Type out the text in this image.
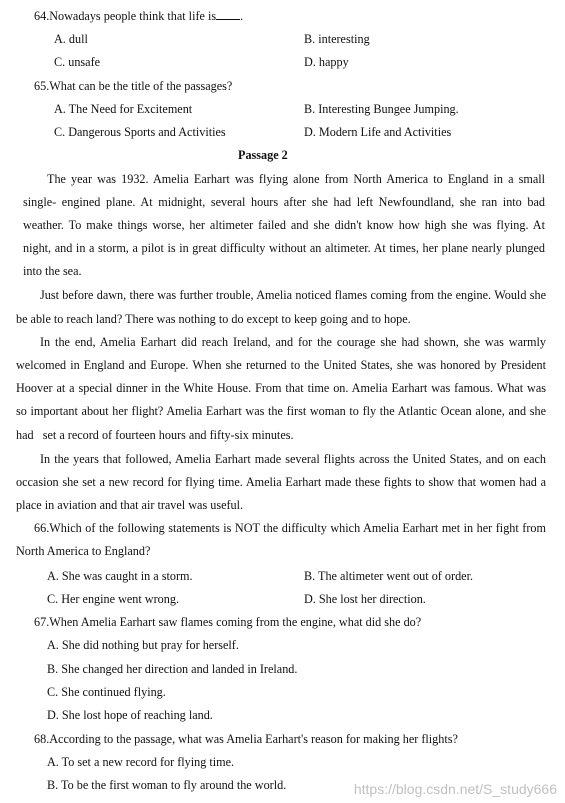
64.Nowadays people think that life is .
A. dull	B. interesting
C. unsafe	D. happy
65.What can be the title of the passages?
A. The Need for Excitement	B. Interesting Bungee Jumping.
C. Dangerous Sports and Activities	D. Modern Life and Activities
Passage 2
The year was 1932. Amelia Earhart was flying alone from North America to England in a small
single- engined plane. At midnight, several hours after she had left Newfoundland, she ran into bad
weather. To make things worse, her altimeter failed and she didn't know how high she was flying. At
night, and in a storm, a pilot is in great difficulty without an altimeter. At times, her plane nearly plunged
into the sea.
Just before dawn, there was further trouble, Amelia noticed flames coming from the engine. Would she
be able to reach land? There was nothing to do except to keep going and to hope.
In the end, Amelia Earhart did reach Ireland, and for the courage she had shown, she was warmly
welcomed in England and Europe. When she returned to the United States, she was honored by President
Hoover at a special dinner in the White House. From that time on. Amelia Earhart was famous. What was
so important about her flight? Amelia Earhart was the first woman to fly the Atlantic Ocean alone, and she
had   set a record of fourteen hours and fifty-six minutes.
In the years that followed, Amelia Earhart made several flights across the United States, and on each
occasion she set a new record for flying time. Amelia Earhart made these fights to show that women had a
place in aviation and that air travel was useful.
66.Which of the following statements is NOT the difficulty which Amelia Earhart met in her fight from
North America to England?
A. She was caught in a storm.	B. The altimeter went out of order.
C. Her engine went wrong.	D. She lost her direction.
67.When Amelia Earhart saw flames coming from the engine, what did she do?
A. She did nothing but pray for herself.
B. She changed her direction and landed in Ireland.
C. She continued flying.
D. She lost hope of reaching land.
68.According to the passage, what was Amelia Earhart's reason for making her flights?
A. To set a new record for flying time.
B. To be the first woman to fly around the world.	https://blog.csdn.net/S_study666
